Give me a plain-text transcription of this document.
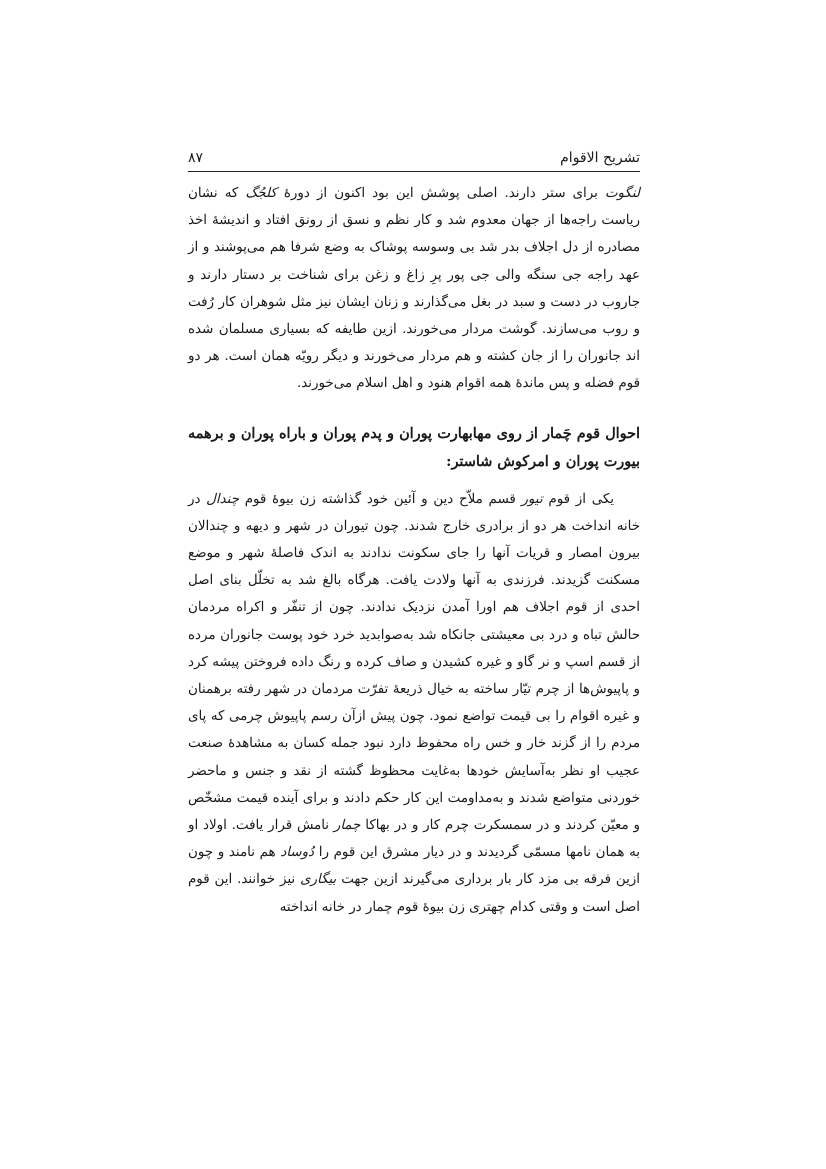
تشریح الاقوام
۸۷

لنگوت برای ستر دارند. اصلی پوشش این بود اکنون از دورهٔ کلجُگ که نشان ریاست راجه‌ها از جهان معدوم شد و کار نظم و نسق از رونق افتاد و اندیشهٔ اخذ مصادره از دل اجلاف بدر شد بی وسوسه پوشاک به وضع شرفا هم می‌پوشند و از عهد راجه جی سنگه والی جی پور پرِ زاغ و زغن برای شناخت بر دستار دارند و جاروب در دست و سبد در بغل می‌گذارند و زنان ایشان نیز مثل شوهران کار رُفت و روب می‌سازند. گوشت مردار می‌خورند. ازین طایفه که بسیاری مسلمان شده اند جانوران را از جان کشته و هم مردار می‌خورند و دیگر رویّه همان است. هر دو قوم فضله و پس ماندهٔ همه اقوام هنود و اهل اسلام می‌خورند.

احوال قوم چَمار از روی مهابهارت پوران و پدم پوران و باراه پوران و برهمه بیورت پوران و امرکوش شاستر:

یکی از قوم تیور قسم ملاّح دین و آئین خود گذاشته زن بیوهٔ قوم چندال در خانه انداخت هر دو از برادری خارج شدند. چون تیوران در شهر و دیهه و چندالان بیرون امصار و قریات آنها را جای سکونت ندادند به اندک فاصلهٔ شهر و موضع مسکنت گزیدند. فرزندی به آنها ولادت یافت. هرگاه بالغ شد به تخلّل بنای اصل احدی از قوم اجلاف هم اورا آمدن نزدیک ندادند. چون از تنفّر و اکراه مردمان حالش تباه و درد بی معیشتی جانکاه شد به‌صوابدید خرد خود پوست جانوران مرده از قسم اسپ و نر گاو و غیره کشیدن و صاف کرده و رنگ داده فروختن پیشه کرد و پاپیوش‌ها از چرم تیّار ساخته به خیال ذریعهٔ تفرّت مردمان در شهر رفته برهمنان و غیره اقوام را بی قیمت تواضع نمود. چون پیش ازآن رسم پاپیوش چرمی که پای مردم را از گزند خار و خس راه محفوظ دارد نبود جمله کسان به مشاهدهٔ صنعت عجیب او نظر به‌آسایش خودها به‌غایت محظوظ گشته از نقد و جنس و ماحضر خوردنی متواضع شدند و به‌مداومت این کار حکم دادند و برای آینده قیمت مشخّص و معیّن کردند و در سمسکرت چرم کار و در بهاکا چمار نامش قرار یافت. اولاد او به همان نامها مسمّی گردیدند و در دیار مشرق این قوم را دُوساد هم نامند و چون ازین فرقه بی مزد کار بار برداری می‌گیرند ازین جهت بیگاری نیز خوانند. این قوم اصل است و وقتی کدام چهتری زن بیوهٔ قوم چمار در خانه انداخته
